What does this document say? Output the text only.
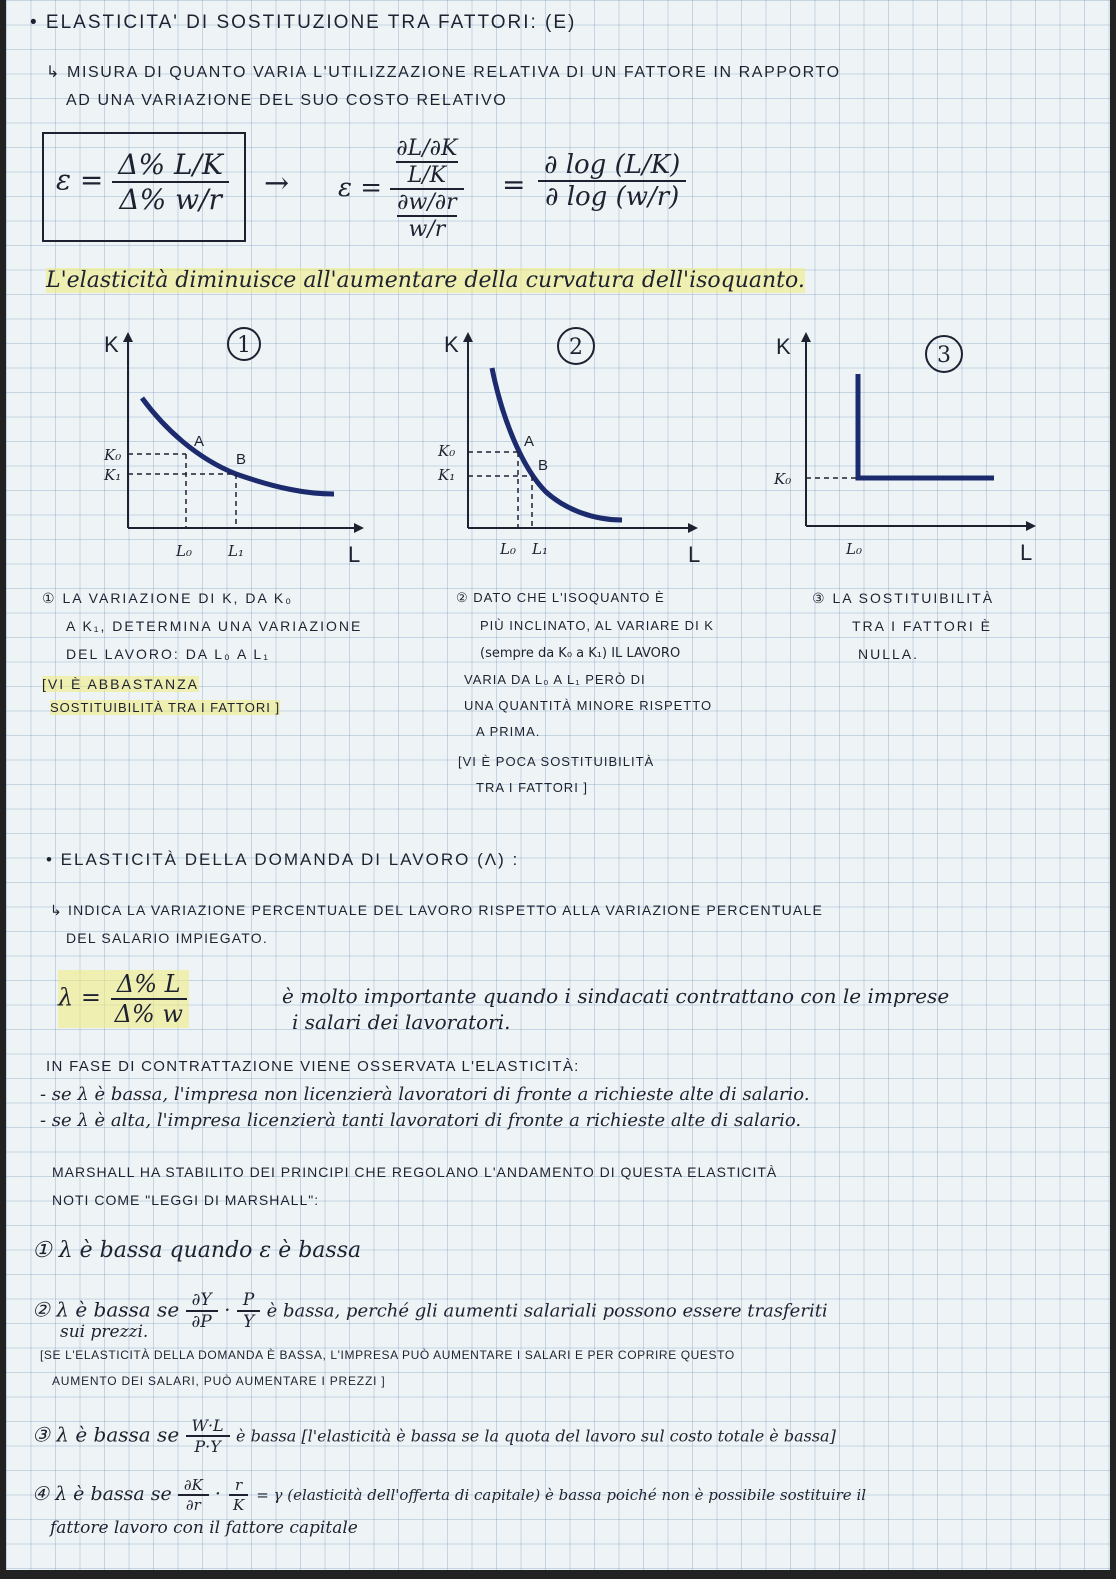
• ELASTICITA' DI SOSTITUZIONE TRA FATTORI: (Ε)
↳ MISURA DI QUANTO VARIA L'UTILIZZAZIONE RELATIVA DI UN FATTORE IN RAPPORTO
AD UNA VARIAZIONE DEL SUO COSTO RELATIVO
$\varepsilon = \frac{\Delta\% L/K}{\Delta\% w/r} \to \varepsilon = \partial L/\partial K$
L/K
∂w/∂r
$w/r = \frac{\partial \log (L/K)}{\partial \log (w/r)}$
L'elasticità diminuisce all'aumentare della curvatura dell'isoquanto.
K
L
K₀
K₁
L₀ L₁
A
B
1	K
L
K₀
K₁
L₀ L₁
A
B
2	K
L
K₀
L₀
3
① LA VARIAZIONE DI K, DA K₀
A K₁, DETERMINA UNA VARIAZIONE
DEL LAVORO: DA L₀ A L₁
[VI È ABBASTANZA
SOSTITUIBILITÀ TRA I FATTORI ]
② DATO CHE L'ISOQUANTO È
PIÙ INCLINATO, AL VARIARE DI K
(sempre da K₀ a K₁) IL LAVORO
VARIA DA L₀ A L₁ PERÒ DI
UNA QUANTITÀ MINORE RISPETTO
A PRIMA.
[VI È POCA SOSTITUIBILITÀ
TRA I FATTORI ]
③ LA SOSTITUIBILITÀ
TRA I FATTORI È
NULLA.
• ELASTICITÀ DELLA DOMANDA DI LAVORO (Λ) :
↳ INDICA LA VARIAZIONE PERCENTUALE DEL LAVORO RISPETTO ALLA VARIAZIONE PERCENTUALE
DEL SALARIO IMPIEGATO.
$\lambda = \frac{\Delta\% L}{\Delta\% w}$	è molto importante quando i sindacati contrattano con le imprese
i salari dei lavoratori.
IN FASE DI CONTRATTAZIONE VIENE OSSERVATA L'ELASTICITÀ:
- se λ è bassa, l'impresa non licenzierà lavoratori di fronte a richieste alte di salario.
- se λ è alta, l'impresa licenzierà tanti lavoratori di fronte a richieste alte di salario.
MARSHALL HA STABILITO DEI PRINCIPI CHE REGOLANO L'ANDAMENTO DI QUESTA ELASTICITÀ
NOTI COME "LEGGI DI MARSHALL":
① λ è bassa quando ε è bassa
② λ è bassa se $\frac{\partial Y}{\partial P} \cdot \frac{P}{Y}$ è bassa, perché gli aumenti salariali possono essere trasferiti
sui prezzi.
[SE L'ELASTICITÀ DELLA DOMANDA È BASSA, L'IMPRESA PUÒ AUMENTARE I SALARI E PER COPRIRE QUESTO
AUMENTO DEI SALARI, PUÒ AUMENTARE I PREZZI ]
③ λ è bassa se $\frac{W\cdot L}{P\cdot Y}$ è bassa [l'elasticità è bassa se la quota del lavoro sul costo totale è bassa]
④ λ è bassa se $\frac{\partial K}{\partial r} \cdot \frac{r}{K} = \gamma$ (elasticità dell'offerta di capitale) è bassa poiché non è possibile sostituire il
fattore lavoro con il fattore capitale
